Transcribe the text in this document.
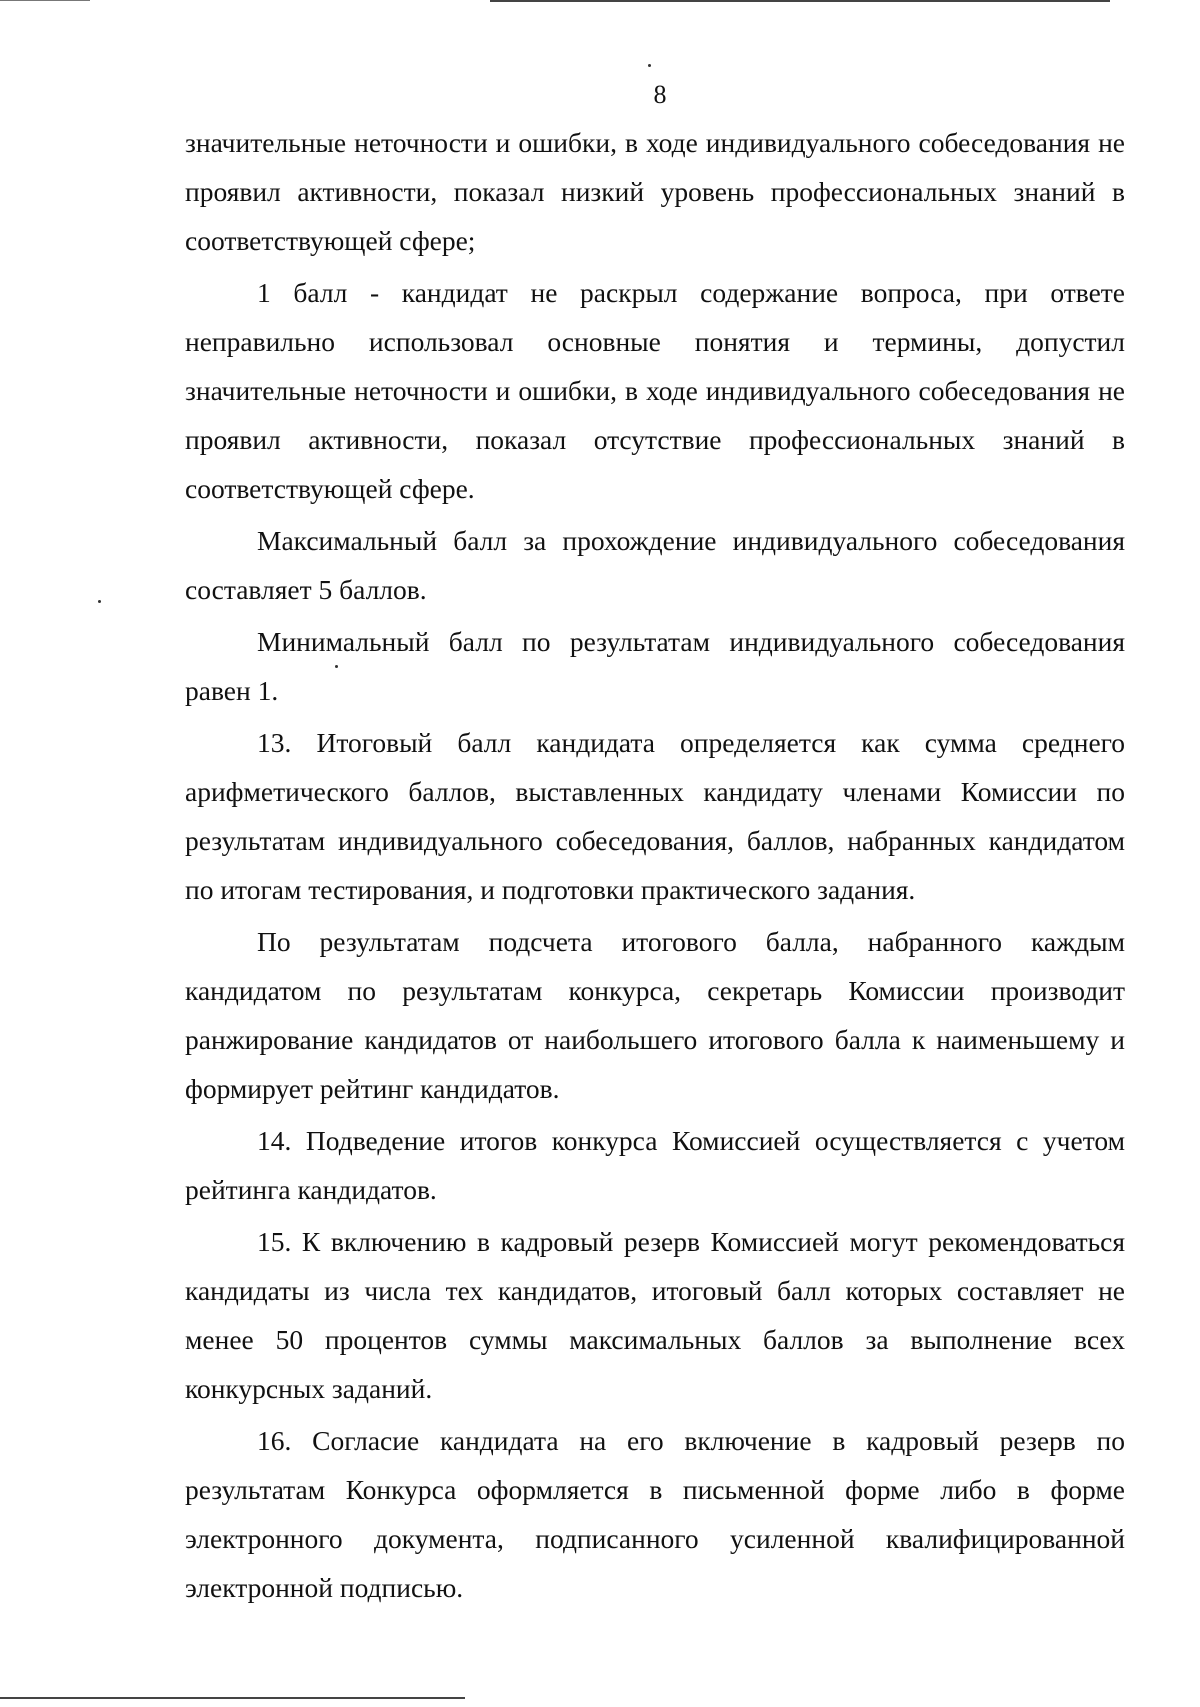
8

значительные неточности и ошибки, в ходе индивидуального собеседования не проявил активности, показал низкий уровень профессиональных знаний в соответствующей сфере;

1 балл - кандидат не раскрыл содержание вопроса, при ответе неправильно использовал основные понятия и термины, допустил значительные неточности и ошибки, в ходе индивидуального собеседования не проявил активности, показал отсутствие профессиональных знаний в соответствующей сфере.

Максимальный балл за прохождение индивидуального собеседования составляет 5 баллов.

Минимальный балл по результатам индивидуального собеседования равен 1.

13. Итоговый балл кандидата определяется как сумма среднего арифметического баллов, выставленных кандидату членами Комиссии по результатам индивидуального собеседования, баллов, набранных кандидатом по итогам тестирования, и подготовки практического задания.

По результатам подсчета итогового балла, набранного каждым кандидатом по результатам конкурса, секретарь Комиссии производит ранжирование кандидатов от наибольшего итогового балла к наименьшему и формирует рейтинг кандидатов.

14. Подведение итогов конкурса Комиссией осуществляется с учетом рейтинга кандидатов.

15. К включению в кадровый резерв Комиссией могут рекомендоваться кандидаты из числа тех кандидатов, итоговый балл которых составляет не менее 50 процентов суммы максимальных баллов за выполнение всех конкурсных заданий.

16. Согласие кандидата на его включение в кадровый резерв по результатам Конкурса оформляется в письменной форме либо в форме электронного документа, подписанного усиленной квалифицированной электронной подписью.
